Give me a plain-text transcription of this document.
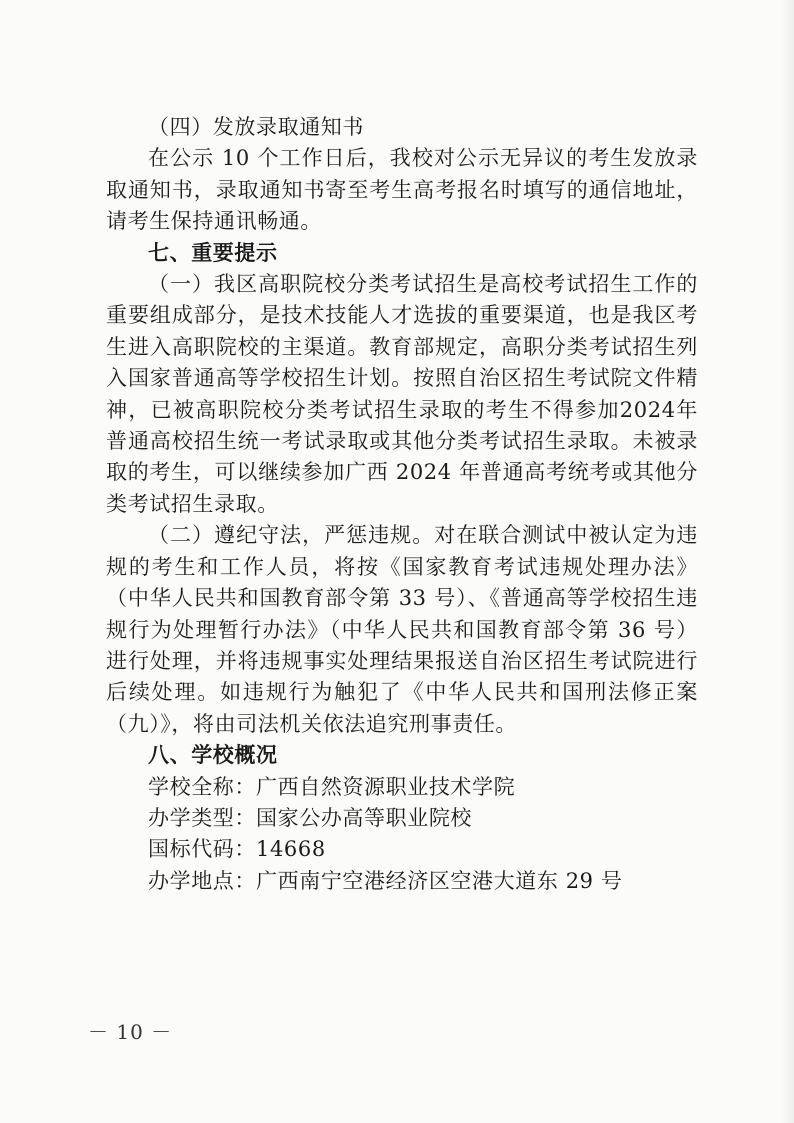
（四）发放录取通知书

在公示 10 个工作日后，我校对公示无异议的考生发放录取通知书，录取通知书寄至考生高考报名时填写的通信地址，请考生保持通讯畅通。

七、重要提示

（一）我区高职院校分类考试招生是高校考试招生工作的重要组成部分，是技术技能人才选拔的重要渠道，也是我区考生进入高职院校的主渠道。教育部规定，高职分类考试招生列入国家普通高等学校招生计划。按照自治区招生考试院文件精神，已被高职院校分类考试招生录取的考生不得参加2024年普通高校招生统一考试录取或其他分类考试招生录取。未被录取的考生，可以继续参加广西 2024 年普通高考统考或其他分类考试招生录取。

（二）遵纪守法，严惩违规。对在联合测试中被认定为违规的考生和工作人员，将按《国家教育考试违规处理办法》（中华人民共和国教育部令第 33 号）、《普通高等学校招生违规行为处理暂行办法》（中华人民共和国教育部令第 36 号）进行处理，并将违规事实处理结果报送自治区招生考试院进行后续处理。如违规行为触犯了《中华人民共和国刑法修正案（九）》，将由司法机关依法追究刑事责任。

八、学校概况

学校全称：广西自然资源职业技术学院

办学类型：国家公办高等职业院校

国标代码：14668

办学地点：广西南宁空港经济区空港大道东 29 号

－ 10 －
